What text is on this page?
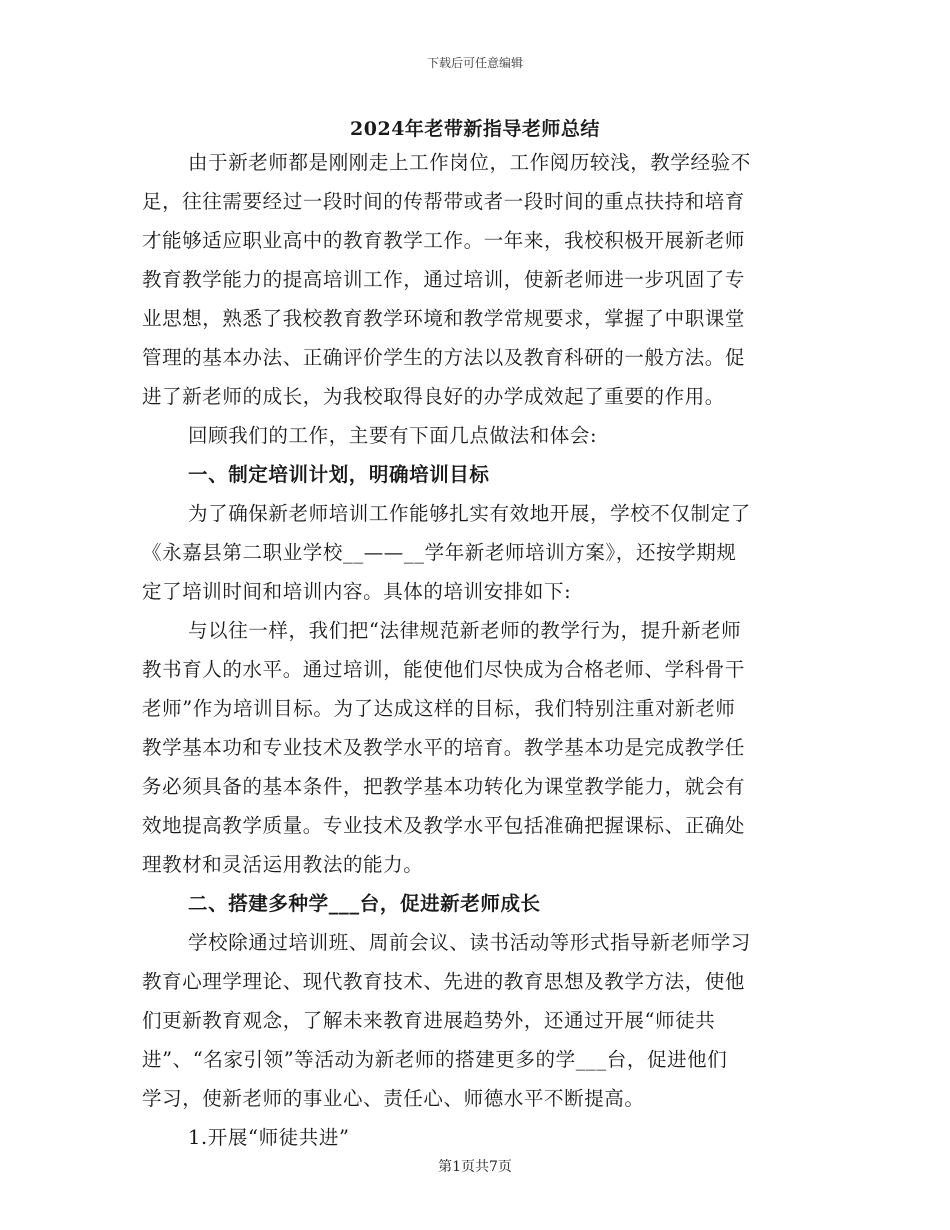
下载后可任意编辑
2024年老带新指导老师总结
由于新老师都是刚刚走上工作岗位，工作阅历较浅，教学经验不
足，往往需要经过一段时间的传帮带或者一段时间的重点扶持和培育
才能够适应职业高中的教育教学工作。一年来，我校积极开展新老师
教育教学能力的提高培训工作，通过培训，使新老师进一步巩固了专
业思想，熟悉了我校教育教学环境和教学常规要求，掌握了中职课堂
管理的基本办法、正确评价学生的方法以及教育科研的一般方法。促
进了新老师的成长，为我校取得良好的办学成效起了重要的作用。
回顾我们的工作，主要有下面几点做法和体会:
一、制定培训计划，明确培训目标
为了确保新老师培训工作能够扎实有效地开展，学校不仅制定了
《永嘉县第二职业学校__——__学年新老师培训方案》，还按学期规
定了培训时间和培训内容。具体的培训安排如下:
与以往一样，我们把“法律规范新老师的教学行为，提升新老师
教书育人的水平。通过培训，能使他们尽快成为合格老师、学科骨干
老师”作为培训目标。为了达成这样的目标，我们特别注重对新老师
教学基本功和专业技术及教学水平的培育。教学基本功是完成教学任
务必须具备的基本条件，把教学基本功转化为课堂教学能力，就会有
效地提高教学质量。专业技术及教学水平包括准确把握课标、正确处
理教材和灵活运用教法的能力。
二、搭建多种学___台，促进新老师成长
学校除通过培训班、周前会议、读书活动等形式指导新老师学习
教育心理学理论、现代教育技术、先进的教育思想及教学方法，使他
们更新教育观念，了解未来教育进展趋势外，还通过开展“师徒共
进”、“名家引领”等活动为新老师的搭建更多的学___台，促进他们
学习，使新老师的事业心、责任心、师德水平不断提高。
1.开展“师徒共进”
第1页共7页
